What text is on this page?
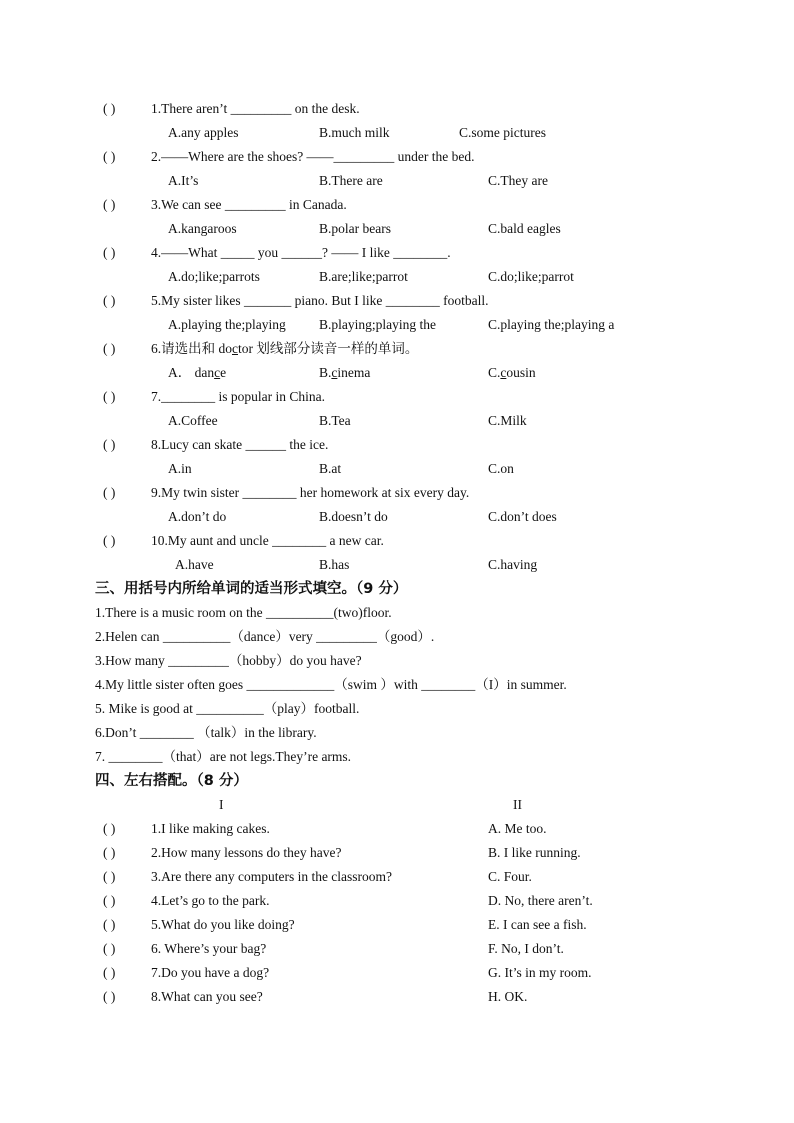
( )	1.There aren’t _________ on the desk.
A.any apples	B.much milk	C.some pictures
( )	2.——Where are the shoes? ——_________ under the bed.
A.It’s	B.There are	C.They are
( )	3.We can see _________ in Canada.
A.kangaroos	B.polar bears	C.bald eagles
( )	4.——What _____ you ______? —— I like ________.
A.do;like;parrots	B.are;like;parrot	C.do;like;parrot
( )	5.My sister likes _______ piano. But I like ________ football.
A.playing the;playing B.playing;playing the	C.playing the;playing a
( )	6.请选出和 doctor 划线部分读音一样的单词。
A． dance	B.cinema	C.cousin
( )	7.________ is popular in China.
A.Coffee	B.Tea	C.Milk
( )	8.Lucy can skate ______ the ice.
A.in	B.at	C.on
( )	9.My twin sister ________ her homework at six every day.
A.don’t do	B.doesn’t do	C.don’t does
( )	10.My aunt and uncle ________ a new car.
A.have	B.has	C.having
三、用括号内所给单词的适当形式填空。（9 分）
1.There is a music room on the __________(two)floor.
2.Helen can __________（dance）very _________（good）.
3.How many _________（hobby）do you have?
4.My little sister often goes _____________（swim ）with ________（I）in summer.
5. Mike is good at __________（play）football.
6.Don’t ________ （talk）in the library.
7. ________（that）are not legs.They’re arms.
四、左右搭配。（8 分）
I	II
( )	1.I like making cakes.	A. Me too.
( )	2.How many lessons do they have?	B. I like running.
( )	3.Are there any computers in the classroom?	C. Four.
( )	4.Let’s go to the park.	D. No, there aren’t.
( )	5.What do you like doing?	E. I can see a fish.
( )	6. Where’s your bag?	F. No, I don’t.
( )	7.Do you have a dog?	G. It’s in my room.
( )	8.What can you see?	H. OK.
